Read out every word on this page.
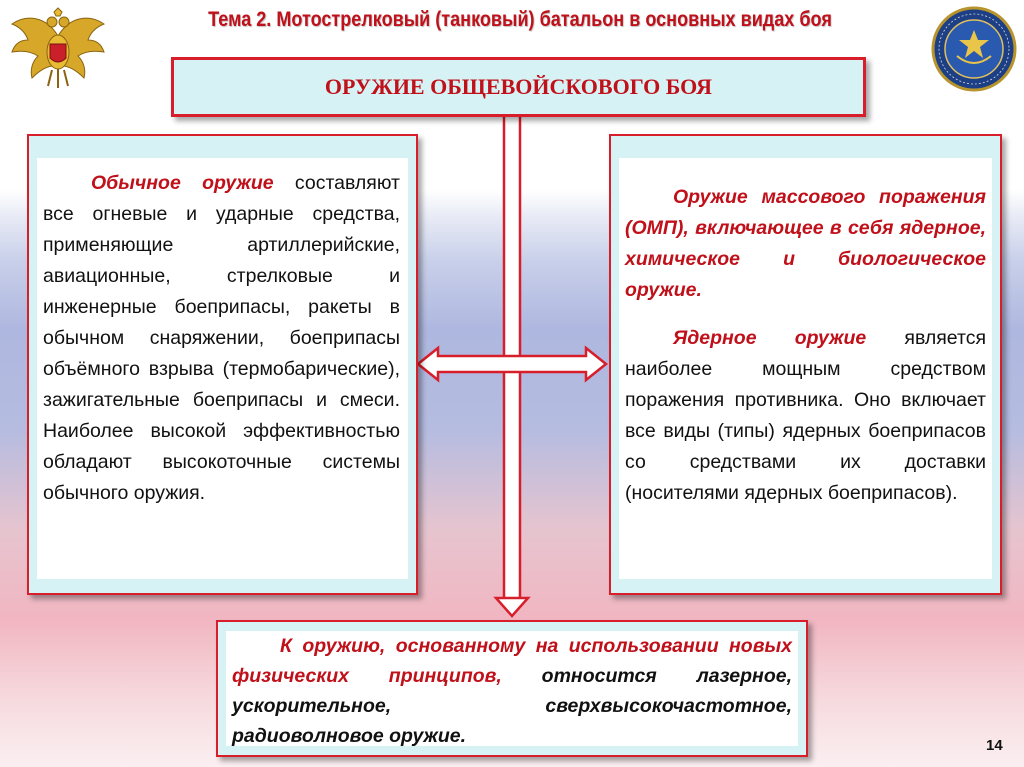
Тема 2. Мотострелковый (танковый) батальон в основных видах боя
ОРУЖИЕ ОБЩЕВОЙСКОВОГО БОЯ

Обычное оружие составляют все огневые и ударные средства, применяющие артиллерийские, авиационные, стрелковые и инженерные боеприпасы, ракеты в обычном снаряжении, боеприпасы объёмного взрыва (термобарические), зажигательные боеприпасы и смеси. Наиболее высокой эффективностью обладают высокоточные системы обычного оружия.

Оружие массового поражения (ОМП), включающее в себя ядерное, химическое и биологическое оружие.

Ядерное оружие является наиболее мощным средством поражения противника. Оно включает все виды (типы) ядерных боеприпасов со средствами их доставки (носителями ядерных боеприпасов).

К оружию, основанному на использовании новых физических принципов, относится лазерное, ускорительное, сверхвысокочастотное, радиоволновое оружие.	14
